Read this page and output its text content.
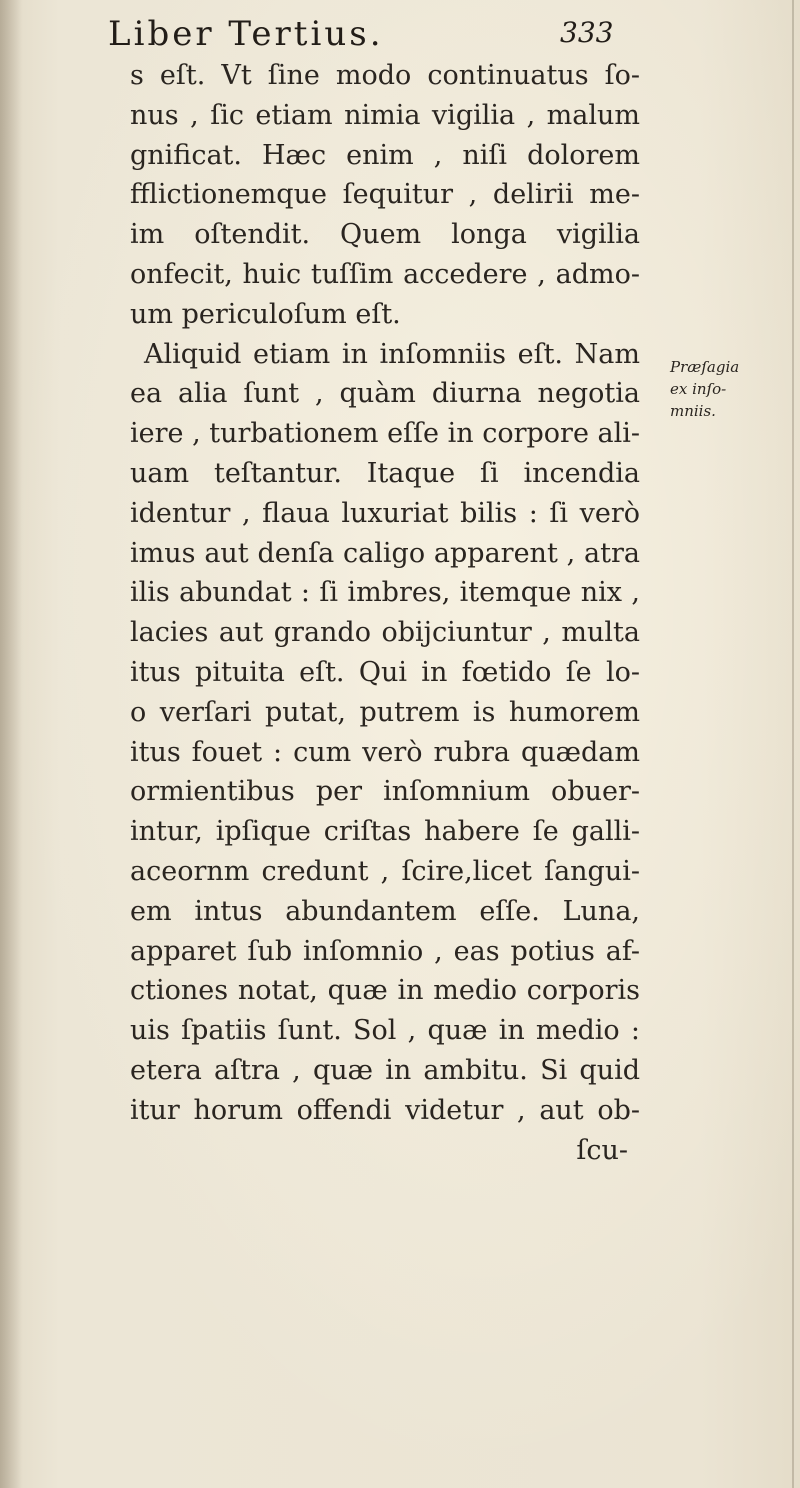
Liber Tertius.	333
s eſt. Vt ſine modo continuatus ſo-
nus , ſic etiam nimia vigilia , malum
gnificat. Hæc enim , niſi dolorem
fflictionemque ſequitur , delirii me-
im oſtendit. Quem longa vigilia
onfecit, huic tuſſim accedere , admo-
um periculoſum eſt.
Aliquid etiam in inſomniis eſt. Nam
ea alia ſunt , quàm diurna negotia
iere , turbationem eſſe in corpore ali-
uam teſtantur. Itaque ſi incendia
identur , flaua luxuriat bilis : ſi verò
imus aut denſa caligo apparent , atra
ilis abundat : ſi imbres, itemque nix ,
lacies aut grando obijciuntur , multa
itus pituita eſt. Qui in fœtido ſe lo-
o verſari putat, putrem is humorem
itus fouet : cum verò rubra quædam
ormientibus per inſomnium obuer-
intur, ipſique criſtas habere ſe galli-
aceornm credunt , ſcire,licet ſangui-
em intus abundantem eſſe. Luna,
apparet ſub inſomnio , eas potius af-
ctiones notat, quæ in medio corporis
uis ſpatiis ſunt. Sol , quæ in medio :
etera aſtra , quæ in ambitu. Si quid
itur horum offendi videtur , aut ob-
ſcu-
Præſagia
ex inſo-
mniis.
